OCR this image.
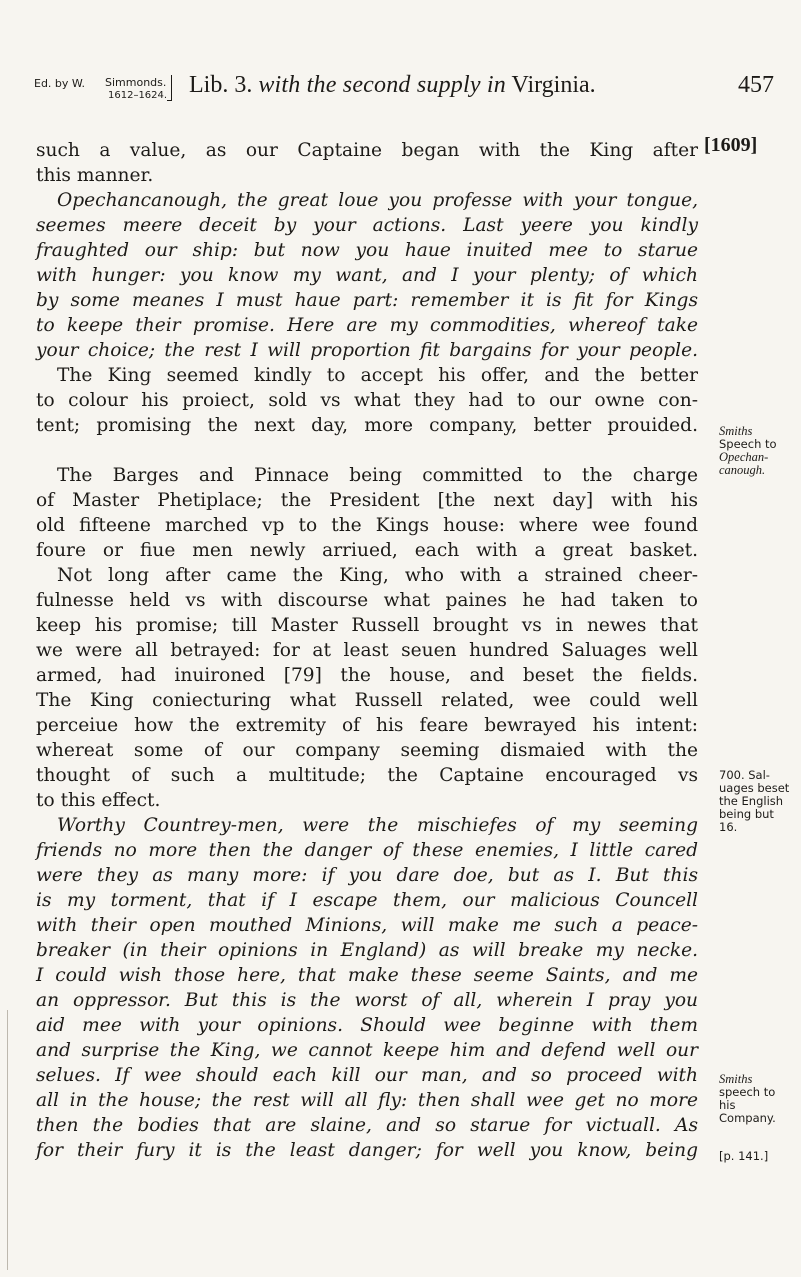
Ed. by W. Simmonds.
1612–1624. Lib. 3. with the second supply in Virginia.	457
[1609]
Smiths
Speech to
Opechan-
canough.
700. Sal-
uages beset
the English
being but
16.
Smiths
speech to
his
Company.
[p. 141.]
such a value, as our Captaine began with the King after
this manner.
Opechancanough, the great loue you professe with your tongue,
seemes meere deceit by your actions. Last yeere you kindly
fraughted our ship: but now you haue inuited mee to starue
with hunger: you know my want, and I your plenty; of which
by some meanes I must haue part: remember it is fit for Kings
to keepe their promise. Here are my commodities, whereof take
your choice; the rest I will proportion fit bargains for your people.
The King seemed kindly to accept his offer, and the better
to colour his proiect, sold vs what they had to our owne con-
tent; promising the next day, more company, better prouided.
The Barges and Pinnace being committed to the charge
of Master Phetiplace; the President [the next day] with his
old fifteene marched vp to the Kings house: where wee found
foure or fiue men newly arriued, each with a great basket.
Not long after came the King, who with a strained cheer-
fulnesse held vs with discourse what paines he had taken to
keep his promise; till Master Russell brought vs in newes that
we were all betrayed: for at least seuen hundred Saluages well
armed, had inuironed [79] the house, and beset the fields.
The King coniecturing what Russell related, wee could well
perceiue how the extremity of his feare bewrayed his intent:
whereat some of our company seeming dismaied with the
thought of such a multitude; the Captaine encouraged vs
to this effect.
Worthy Countrey-men, were the mischiefes of my seeming
friends no more then the danger of these enemies, I little cared
were they as many more: if you dare doe, but as I. But this
is my torment, that if I escape them, our malicious Councell
with their open mouthed Minions, will make me such a peace-
breaker (in their opinions in England) as will breake my necke.
I could wish those here, that make these seeme Saints, and me
an oppressor. But this is the worst of all, wherein I pray you
aid mee with your opinions. Should wee beginne with them
and surprise the King, we cannot keepe him and defend well our
selues. If wee should each kill our man, and so proceed with
all in the house; the rest will all fly: then shall wee get no more
then the bodies that are slaine, and so starue for victuall. As
for their fury it is the least danger; for well you know, being
